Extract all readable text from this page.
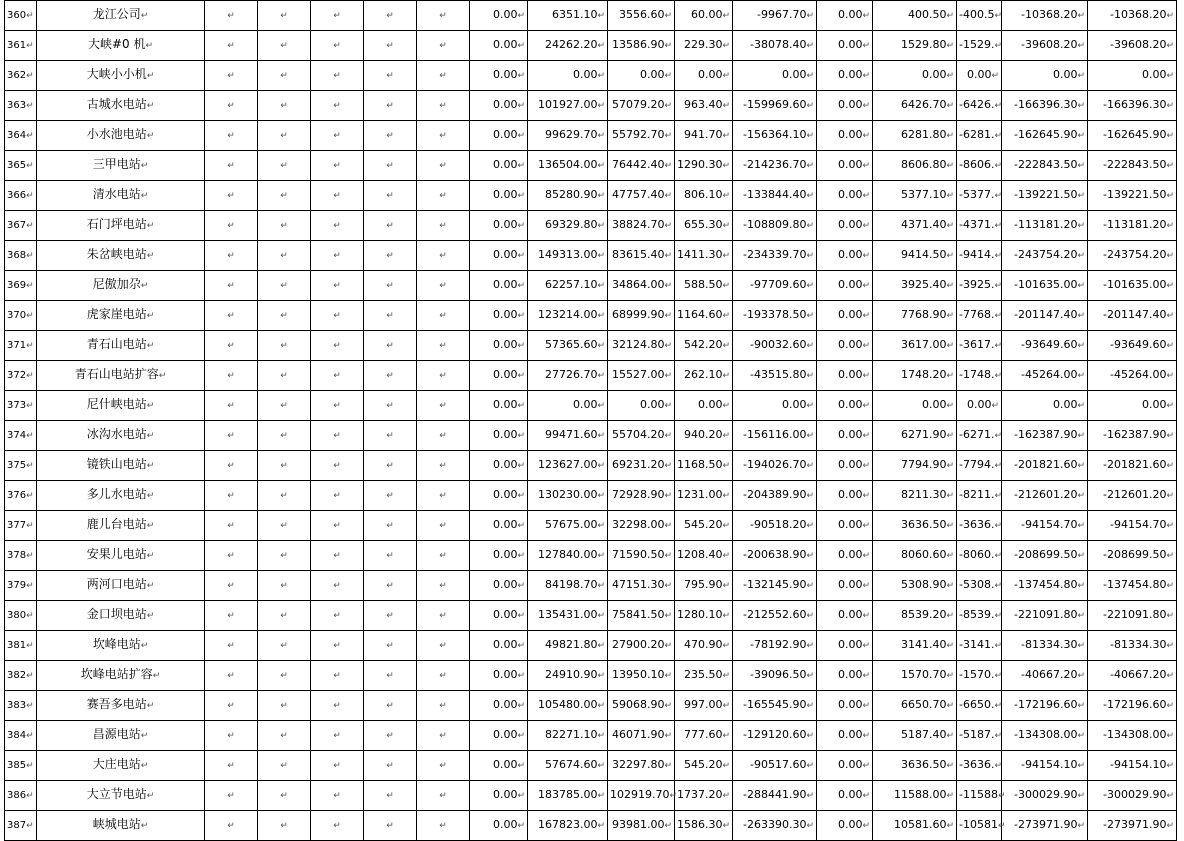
360↵	龙江公司↵	↵	↵	↵	↵	↵	0.00↵	6351.10↵	3556.60↵	60.00↵	-9967.70↵	0.00↵	400.50↵	-400.5↵	-10368.20↵	-10368.20↵
361↵	大峡#0 机↵	↵	↵	↵	↵	↵	0.00↵	24262.20↵	13586.90↵	229.30↵	-38078.40↵	0.00↵	1529.80↵	-1529.↵	-39608.20↵	-39608.20↵
362↵	大峡小小机↵	↵	↵	↵	↵	↵	0.00↵	0.00↵	0.00↵	0.00↵	0.00↵	0.00↵	0.00↵	0.00↵	0.00↵	0.00↵
363↵	古城水电站↵	↵	↵	↵	↵	↵	0.00↵	101927.00↵	57079.20↵	963.40↵	-159969.60↵	0.00↵	6426.70↵	-6426.↵	-166396.30↵	-166396.30↵
364↵	小水池电站↵	↵	↵	↵	↵	↵	0.00↵	99629.70↵	55792.70↵	941.70↵	-156364.10↵	0.00↵	6281.80↵	-6281.↵	-162645.90↵	-162645.90↵
365↵	三甲电站↵	↵	↵	↵	↵	↵	0.00↵	136504.00↵	76442.40↵	1290.30↵	-214236.70↵	0.00↵	8606.80↵	-8606.↵	-222843.50↵	-222843.50↵
366↵	清水电站↵	↵	↵	↵	↵	↵	0.00↵	85280.90↵	47757.40↵	806.10↵	-133844.40↵	0.00↵	5377.10↵	-5377.↵	-139221.50↵	-139221.50↵
367↵	石门坪电站↵	↵	↵	↵	↵	↵	0.00↵	69329.80↵	38824.70↵	655.30↵	-108809.80↵	0.00↵	4371.40↵	-4371.↵	-113181.20↵	-113181.20↵
368↵	朱岔峡电站↵	↵	↵	↵	↵	↵	0.00↵	149313.00↵	83615.40↵	1411.30↵	-234339.70↵	0.00↵	9414.50↵	-9414.↵	-243754.20↵	-243754.20↵
369↵	尼傲加尕↵	↵	↵	↵	↵	↵	0.00↵	62257.10↵	34864.00↵	588.50↵	-97709.60↵	0.00↵	3925.40↵	-3925.↵	-101635.00↵	-101635.00↵
370↵	虎家崖电站↵	↵	↵	↵	↵	↵	0.00↵	123214.00↵	68999.90↵	1164.60↵	-193378.50↵	0.00↵	7768.90↵	-7768.↵	-201147.40↵	-201147.40↵
371↵	青石山电站↵	↵	↵	↵	↵	↵	0.00↵	57365.60↵	32124.80↵	542.20↵	-90032.60↵	0.00↵	3617.00↵	-3617.↵	-93649.60↵	-93649.60↵
372↵	青石山电站扩容↵	↵	↵	↵	↵	↵	0.00↵	27726.70↵	15527.00↵	262.10↵	-43515.80↵	0.00↵	1748.20↵	-1748.↵	-45264.00↵	-45264.00↵
373↵	尼什峡电站↵	↵	↵	↵	↵	↵	0.00↵	0.00↵	0.00↵	0.00↵	0.00↵	0.00↵	0.00↵	0.00↵	0.00↵	0.00↵
374↵	冰沟水电站↵	↵	↵	↵	↵	↵	0.00↵	99471.60↵	55704.20↵	940.20↵	-156116.00↵	0.00↵	6271.90↵	-6271.↵	-162387.90↵	-162387.90↵
375↵	镜铁山电站↵	↵	↵	↵	↵	↵	0.00↵	123627.00↵	69231.20↵	1168.50↵	-194026.70↵	0.00↵	7794.90↵	-7794.↵	-201821.60↵	-201821.60↵
376↵	多儿水电站↵	↵	↵	↵	↵	↵	0.00↵	130230.00↵	72928.90↵	1231.00↵	-204389.90↵	0.00↵	8211.30↵	-8211.↵	-212601.20↵	-212601.20↵
377↵	鹿儿台电站↵	↵	↵	↵	↵	↵	0.00↵	57675.00↵	32298.00↵	545.20↵	-90518.20↵	0.00↵	3636.50↵	-3636.↵	-94154.70↵	-94154.70↵
378↵	安果儿电站↵	↵	↵	↵	↵	↵	0.00↵	127840.00↵	71590.50↵	1208.40↵	-200638.90↵	0.00↵	8060.60↵	-8060.↵	-208699.50↵	-208699.50↵
379↵	两河口电站↵	↵	↵	↵	↵	↵	0.00↵	84198.70↵	47151.30↵	795.90↵	-132145.90↵	0.00↵	5308.90↵	-5308.↵	-137454.80↵	-137454.80↵
380↵	金口坝电站↵	↵	↵	↵	↵	↵	0.00↵	135431.00↵	75841.50↵	1280.10↵	-212552.60↵	0.00↵	8539.20↵	-8539.↵	-221091.80↵	-221091.80↵
381↵	坎峰电站↵	↵	↵	↵	↵	↵	0.00↵	49821.80↵	27900.20↵	470.90↵	-78192.90↵	0.00↵	3141.40↵	-3141.↵	-81334.30↵	-81334.30↵
382↵	坎峰电站扩容↵	↵	↵	↵	↵	↵	0.00↵	24910.90↵	13950.10↵	235.50↵	-39096.50↵	0.00↵	1570.70↵	-1570.↵	-40667.20↵	-40667.20↵
383↵	赛吾多电站↵	↵	↵	↵	↵	↵	0.00↵	105480.00↵	59068.90↵	997.00↵	-165545.90↵	0.00↵	6650.70↵	-6650.↵	-172196.60↵	-172196.60↵
384↵	昌源电站↵	↵	↵	↵	↵	↵	0.00↵	82271.10↵	46071.90↵	777.60↵	-129120.60↵	0.00↵	5187.40↵	-5187.↵	-134308.00↵	-134308.00↵
385↵	大庄电站↵	↵	↵	↵	↵	↵	0.00↵	57674.60↵	32297.80↵	545.20↵	-90517.60↵	0.00↵	3636.50↵	-3636.↵	-94154.10↵	-94154.10↵
386↵	大立节电站↵	↵	↵	↵	↵	↵	0.00↵	183785.00↵	102919.70↵	1737.20↵	-288441.90↵	0.00↵	11588.00↵	-11588↵	-300029.90↵	-300029.90↵
387↵	峡城电站↵	↵	↵	↵	↵	↵	0.00↵	167823.00↵	93981.00↵	1586.30↵	-263390.30↵	0.00↵	10581.60↵	-10581↵	-273971.90↵	-273971.90↵
